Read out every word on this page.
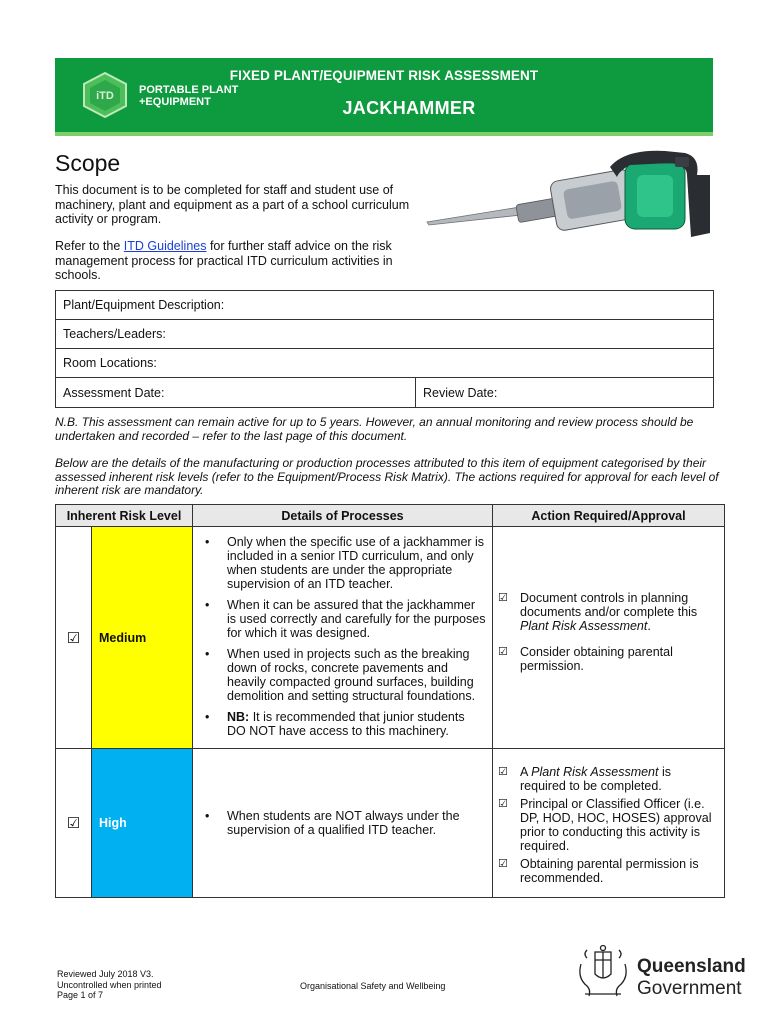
iTD PORTABLE PLANT
+EQUIPMENT
FIXED PLANT/EQUIPMENT RISK ASSESSMENT
JACKHAMMER
Scope
This document is to be completed for staff and student use of machinery, plant and equipment as a part of a school curriculum activity or program.
Refer to the ITD Guidelines for further staff advice on the risk management process for practical ITD curriculum activities in schools.
Plant/Equipment Description:
Teachers/Leaders:
Room Locations:
Assessment Date:	Review Date:
N.B. This assessment can remain active for up to 5 years. However, an annual monitoring and review process should be undertaken and recorded – refer to the last page of this document.
Below are the details of the manufacturing or production processes attributed to this item of equipment categorised by their assessed inherent risk levels (refer to the Equipment/Process Risk Matrix). The actions required for approval for each level of inherent risk are mandatory.
Inherent Risk Level	Details of Processes	Action Required/Approval
☑	Medium
• Only when the specific use of a jackhammer is included in a senior ITD curriculum, and only when students are under the appropriate supervision of an ITD teacher.
• When it can be assured that the jackhammer is used correctly and carefully for the purposes for which it was designed.
• When used in projects such as the breaking down of rocks, concrete pavements and heavily compacted ground surfaces, building demolition and setting structural foundations.
• NB: It is recommended that junior students DO NOT have access to this machinery.
☑ Document controls in planning documents and/or complete this Plant Risk Assessment.
☑ Consider obtaining parental permission.
☑	High
•	When students are NOT always under the supervision of a qualified ITD teacher.
☑ A Plant Risk Assessment is required to be completed.
☑ Principal or Classified Officer (i.e. DP, HOD, HOC, HOSES) approval prior to conducting this activity is required.
☑ Obtaining parental permission is recommended.
Reviewed July 2018 V3.
Uncontrolled when printed
Page 1 of 7
Organisational Safety and Wellbeing
Queensland
Government
